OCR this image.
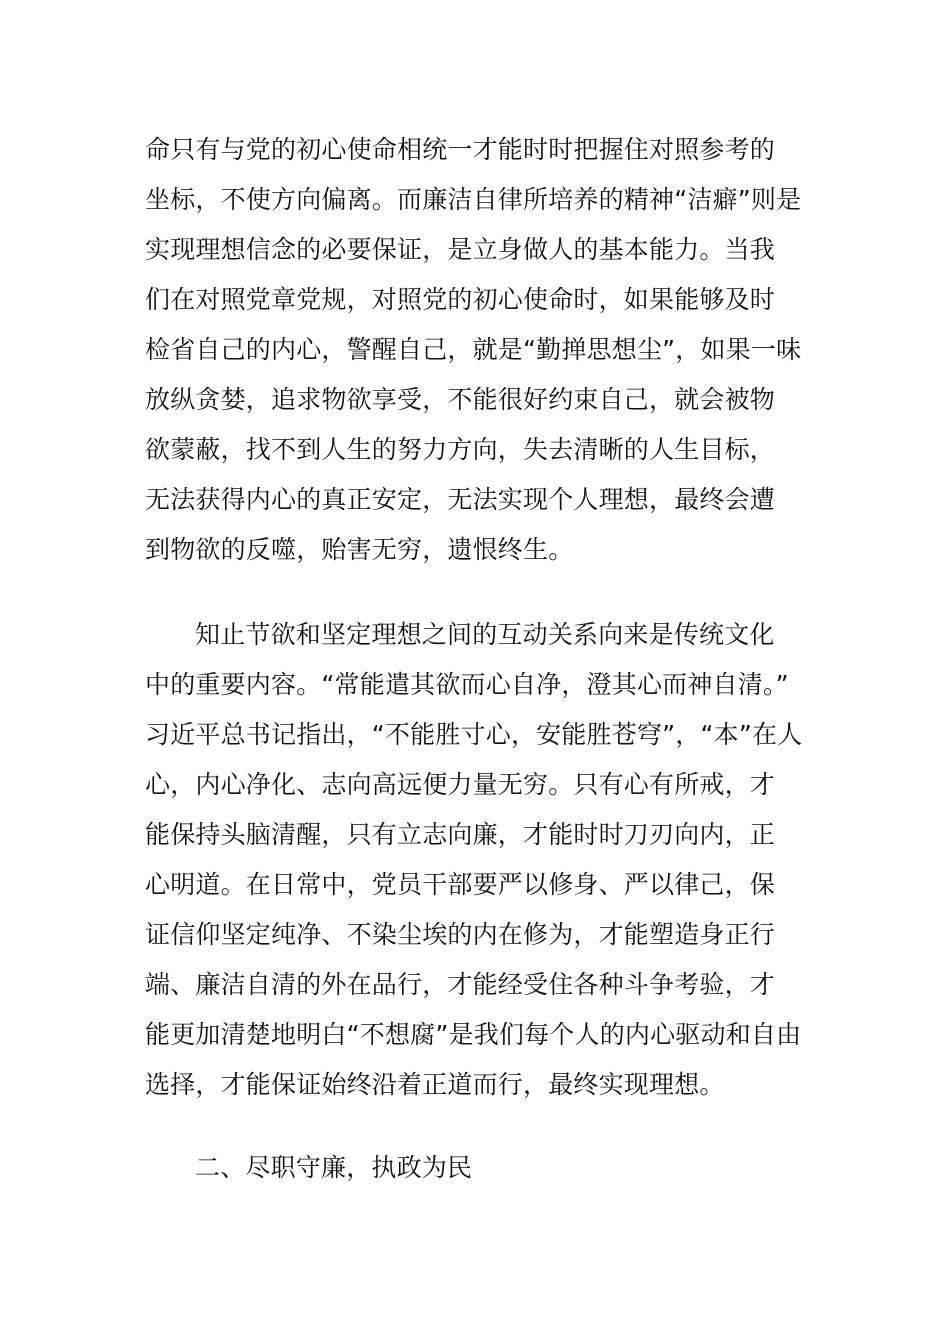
命只有与党的初心使命相统一才能时时把握住对照参考的
坐标，不使方向偏离。而廉洁自律所培养的精神“洁癖”则是
实现理想信念的必要保证，是立身做人的基本能力。当我
们在对照党章党规，对照党的初心使命时，如果能够及时
检省自己的内心，警醒自己，就是“勤掸思想尘”，如果一味
放纵贪婪，追求物欲享受，不能很好约束自己，就会被物
欲蒙蔽，找不到人生的努力方向，失去清晰的人生目标，
无法获得内心的真正安定，无法实现个人理想，最终会遭
到物欲的反噬，贻害无穷，遗恨终生。
知止节欲和坚定理想之间的互动关系向来是传统文化
中的重要内容。“常能遣其欲而心自净，澄其心而神自清。”
习近平总书记指出，“不能胜寸心，安能胜苍穹”，“本”在人
心，内心净化、志向高远便力量无穷。只有心有所戒，才
能保持头脑清醒，只有立志向廉，才能时时刀刃向内，正
心明道。在日常中，党员干部要严以修身、严以律己，保
证信仰坚定纯净、不染尘埃的内在修为，才能塑造身正行
端、廉洁自清的外在品行，才能经受住各种斗争考验，才
能更加清楚地明白“不想腐”是我们每个人的内心驱动和自由
选择，才能保证始终沿着正道而行，最终实现理想。
二、尽职守廉，执政为民
